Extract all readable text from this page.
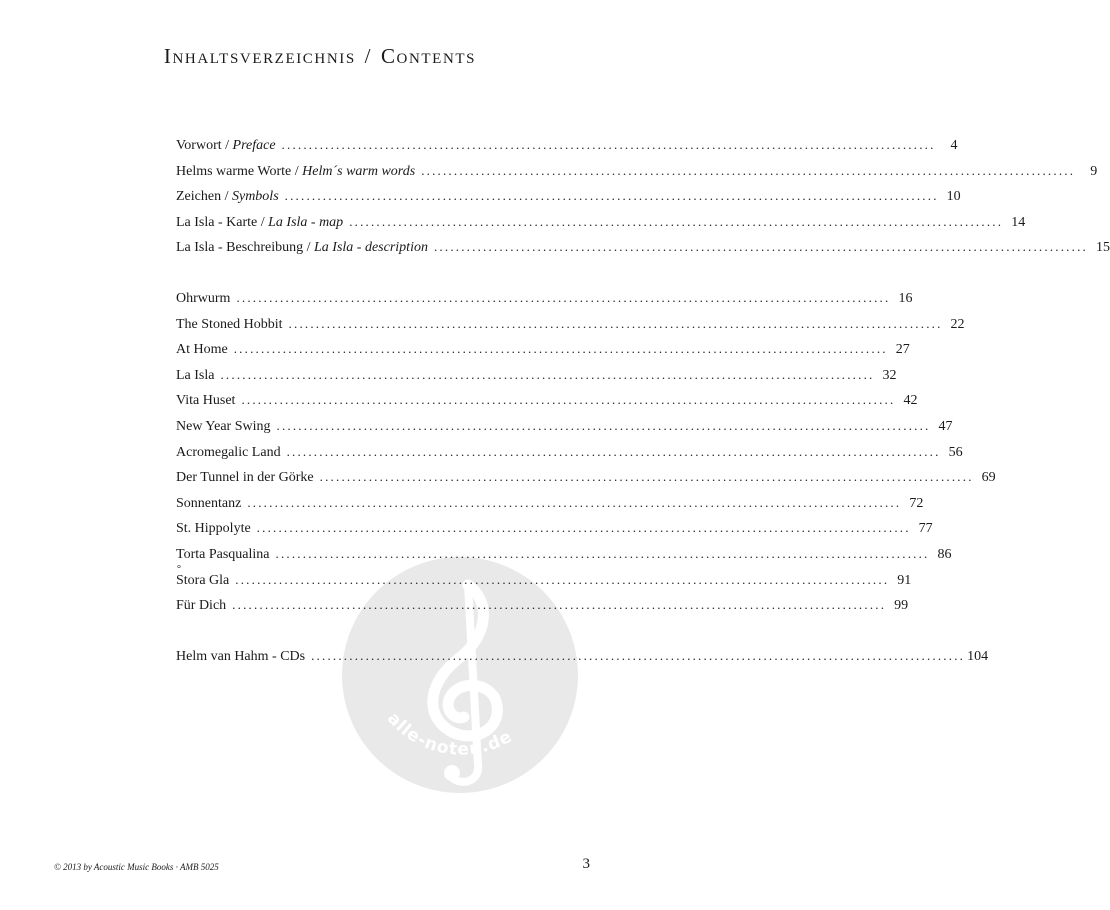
Inhaltsverzeichnis / Contents
Vorwort / Preface ........................................................................................................................	4
Helms warme Worte / Helm´s warm words ........................................................................................................................	9
Zeichen / Symbols ........................................................................................................................ 10
La Isla - Karte / La Isla - map ........................................................................................................................ 14
La Isla - Beschreibung / La Isla - description ........................................................................................................................ 15
alle-noten.de
Ohrwurm ........................................................................................................................ 16
The Stoned Hobbit ........................................................................................................................ 22
At Home ........................................................................................................................ 27
La Isla ........................................................................................................................ 32
Vita Huset ........................................................................................................................ 42
New Year Swing ........................................................................................................................ 47
Acromegalic Land ........................................................................................................................ 56
Der Tunnel in der Görke ........................................................................................................................ 69
Sonnentanz ........................................................................................................................ 72
St. Hippolyte ........................................................................................................................ 77
Torta Pasqualina ........................................................................................................................ 86
Stora Gla ° ........................................................................................................................ 91
Für Dich ........................................................................................................................ 99
Helm van Hahm - CDs ........................................................................................................................ 104
© 2013 by Acoustic Music Books · AMB 5025	3
